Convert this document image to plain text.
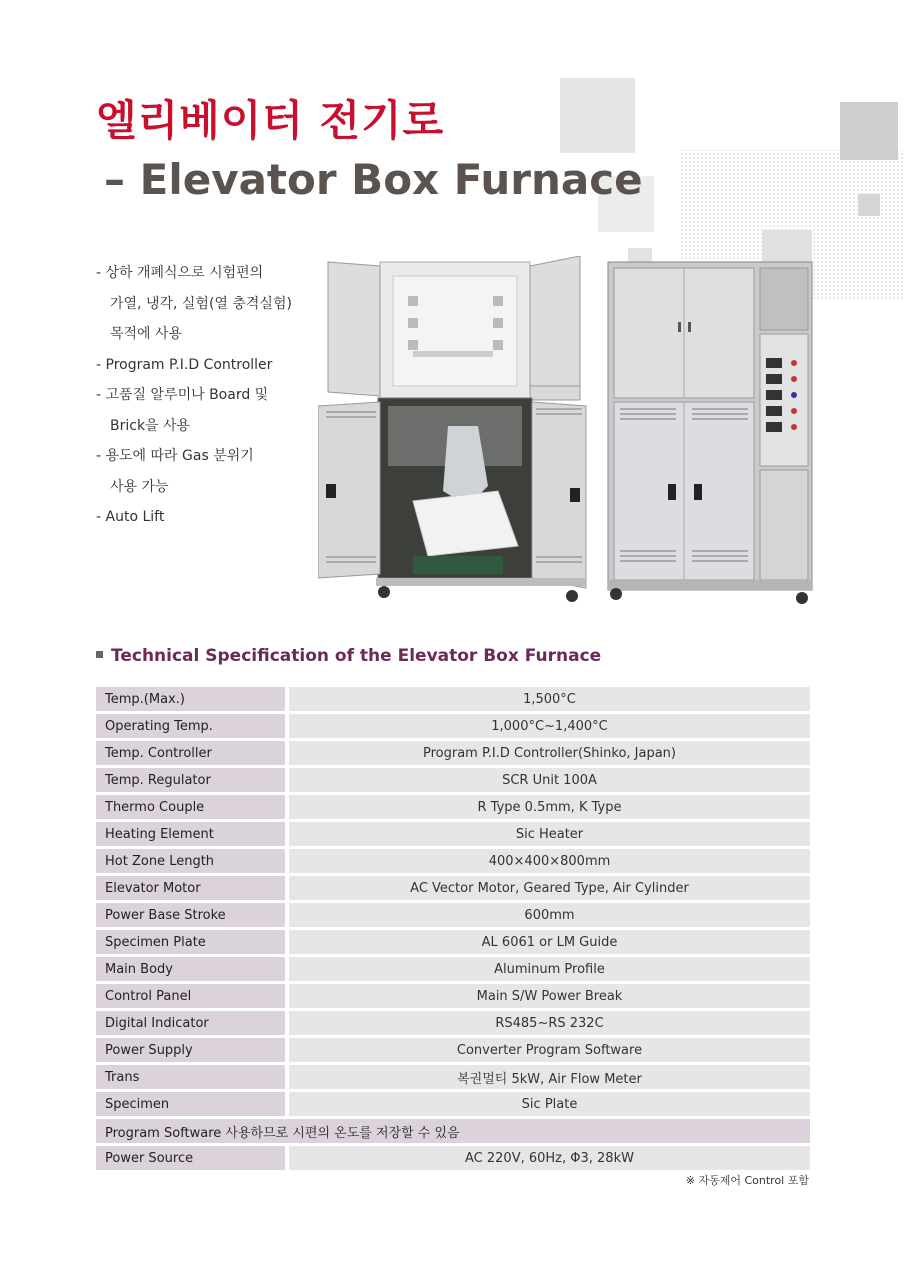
엘리베이터 전기로
– Elevator Box Furnace
- 상하 개폐식으로 시험편의
가열, 냉각, 실험(열 충격실험)
목적에 사용
- Program P.I.D Controller
- 고품질 알루미나 Board 및
Brick을 사용
- 용도에 따라 Gas 분위기
사용 가능
- Auto Lift
Technical Specification of the Elevator Box Furnace
Temp.(Max.)	1,500°C
Operating Temp.	1,000°C~1,400°C
Temp. Controller	Program P.I.D Controller(Shinko, Japan)
Temp. Regulator	SCR Unit 100A
Thermo Couple	R Type 0.5mm, K Type
Heating Element	Sic Heater
Hot Zone Length	400×400×800mm
Elevator Motor	AC Vector Motor, Geared Type, Air Cylinder
Power Base Stroke	600mm
Specimen Plate	AL 6061 or LM Guide
Main Body	Aluminum Profile
Control Panel	Main S/W Power Break
Digital Indicator	RS485~RS 232C
Power Supply	Converter Program Software
Trans	복권멀티 5kW, Air Flow Meter
Specimen	Sic Plate
Program Software 사용하므로 시편의 온도를 저장할 수 있음	
Power Source	AC 220V, 60Hz, Φ3, 28kW
※ 자동제어 Control 포함
